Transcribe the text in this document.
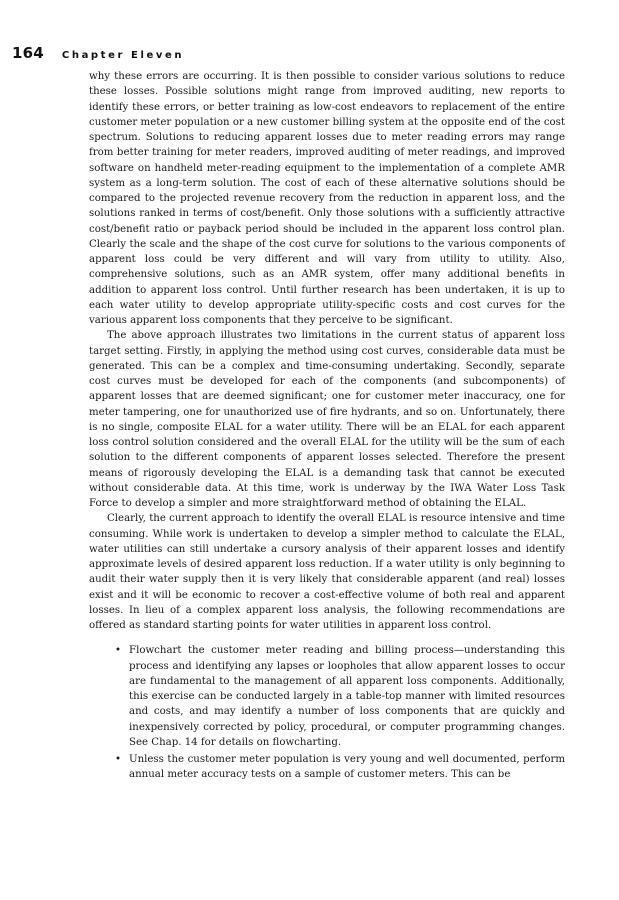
164 Chapter Eleven

why these errors are occurring. It is then possible to consider various solutions to reduce these losses. Possible solutions might range from improved auditing, new reports to identify these errors, or better training as low-cost endeavors to replacement of the entire customer meter population or a new customer billing system at the opposite end of the cost spectrum. Solutions to reducing apparent losses due to meter reading errors may range from better training for meter readers, improved auditing of meter readings, and improved software on handheld meter-reading equipment to the implementation of a complete AMR system as a long-term solution. The cost of each of these alternative solutions should be compared to the projected revenue recovery from the reduction in apparent loss, and the solutions ranked in terms of cost/benefit. Only those solutions with a sufficiently attractive cost/benefit ratio or payback period should be included in the apparent loss control plan. Clearly the scale and the shape of the cost curve for solutions to the various components of apparent loss could be very different and will vary from utility to utility. Also, comprehensive solutions, such as an AMR system, offer many additional benefits in addition to apparent loss control. Until further research has been undertaken, it is up to each water utility to develop appropriate utility-specific costs and cost curves for the various apparent loss components that they perceive to be significant.

The above approach illustrates two limitations in the current status of apparent loss target setting. Firstly, in applying the method using cost curves, considerable data must be generated. This can be a complex and time-consuming undertaking. Secondly, separate cost curves must be developed for each of the components (and subcomponents) of apparent losses that are deemed significant; one for customer meter inaccuracy, one for meter tampering, one for unauthorized use of fire hydrants, and so on. Unfortunately, there is no single, composite ELAL for a water utility. There will be an ELAL for each apparent loss control solution considered and the overall ELAL for the utility will be the sum of each solution to the different components of apparent losses selected. Therefore the present means of rigorously developing the ELAL is a demanding task that cannot be executed without considerable data. At this time, work is underway by the IWA Water Loss Task Force to develop a simpler and more straightforward method of obtaining the ELAL.

Clearly, the current approach to identify the overall ELAL is resource intensive and time consuming. While work is undertaken to develop a simpler method to calculate the ELAL, water utilities can still undertake a cursory analysis of their apparent losses and identify approximate levels of desired apparent loss reduction. If a water utility is only beginning to audit their water supply then it is very likely that considerable apparent (and real) losses exist and it will be economic to recover a cost-effective volume of both real and apparent losses. In lieu of a complex apparent loss analysis, the following recommendations are offered as standard starting points for water utilities in apparent loss control.

• Flowchart the customer meter reading and billing process—understanding this process and identifying any lapses or loopholes that allow apparent losses to occur are fundamental to the management of all apparent loss components. Additionally, this exercise can be conducted largely in a table-top manner with limited resources and costs, and may identify a number of loss components that are quickly and inexpensively corrected by policy, procedural, or computer programming changes. See Chap. 14 for details on flowcharting.
• Unless the customer meter population is very young and well documented, perform annual meter accuracy tests on a sample of customer meters. This can be
